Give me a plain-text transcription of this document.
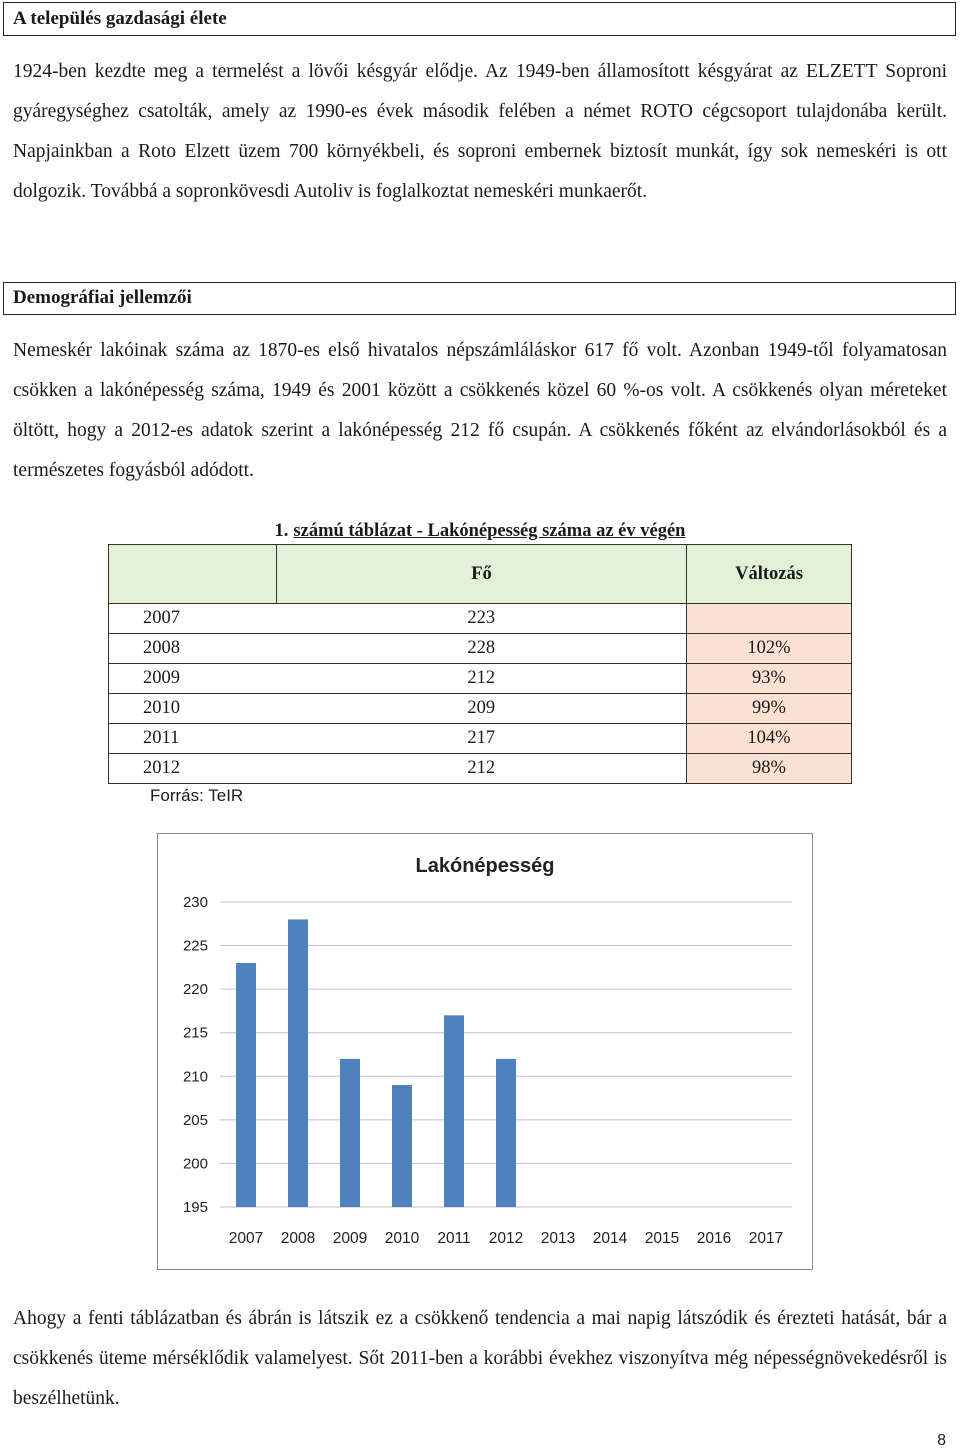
A település gazdasági élete

1924-ben kezdte meg a termelést a lövői késgyár elődje. Az 1949-ben államosított késgyárat az ELZETT Soproni gyáregységhez csatolták, amely az 1990-es évek második felében a német ROTO cégcsoport tulajdonába került. Napjainkban a Roto Elzett üzem 700 környékbeli, és soproni embernek biztosít munkát, így sok nemeskéri is ott dolgozik. Továbbá a sopronkövesdi Autoliv is foglalkoztat nemeskéri munkaerőt.

Demográfiai jellemzői

Nemeskér lakóinak száma az 1870-es első hivatalos népszámláláskor 617 fő volt. Azonban 1949-től folyamatosan csökken a lakónépesség száma, 1949 és 2001 között a csökkenés közel 60 %-os volt. A csökkenés olyan méreteket öltött, hogy a 2012-es adatok szerint a lakónépesség 212 fő csupán. A csökkenés főként az elvándorlásokból és a természetes fogyásból adódott.

1. számú táblázat - Lakónépesség száma az év végén
	Fő	Változás
2007	223	
2008	228	102%
2009	212	93%
2010	209	99%
2011	217	104%
2012	212	98%
Forrás: TeIR
Lakónépesség
195
200
205
210
215
220
225
230
2007 2008 2009 2010 2011 2012 2013 2014 2015 2016 2017

Ahogy a fenti táblázatban és ábrán is látszik ez a csökkenő tendencia a mai napig látszódik és érezteti hatását, bár a csökkenés üteme mérséklődik valamelyest. Sőt 2011-ben a korábbi évekhez viszonyítva még népességnövekedésről is beszélhetünk.

8
